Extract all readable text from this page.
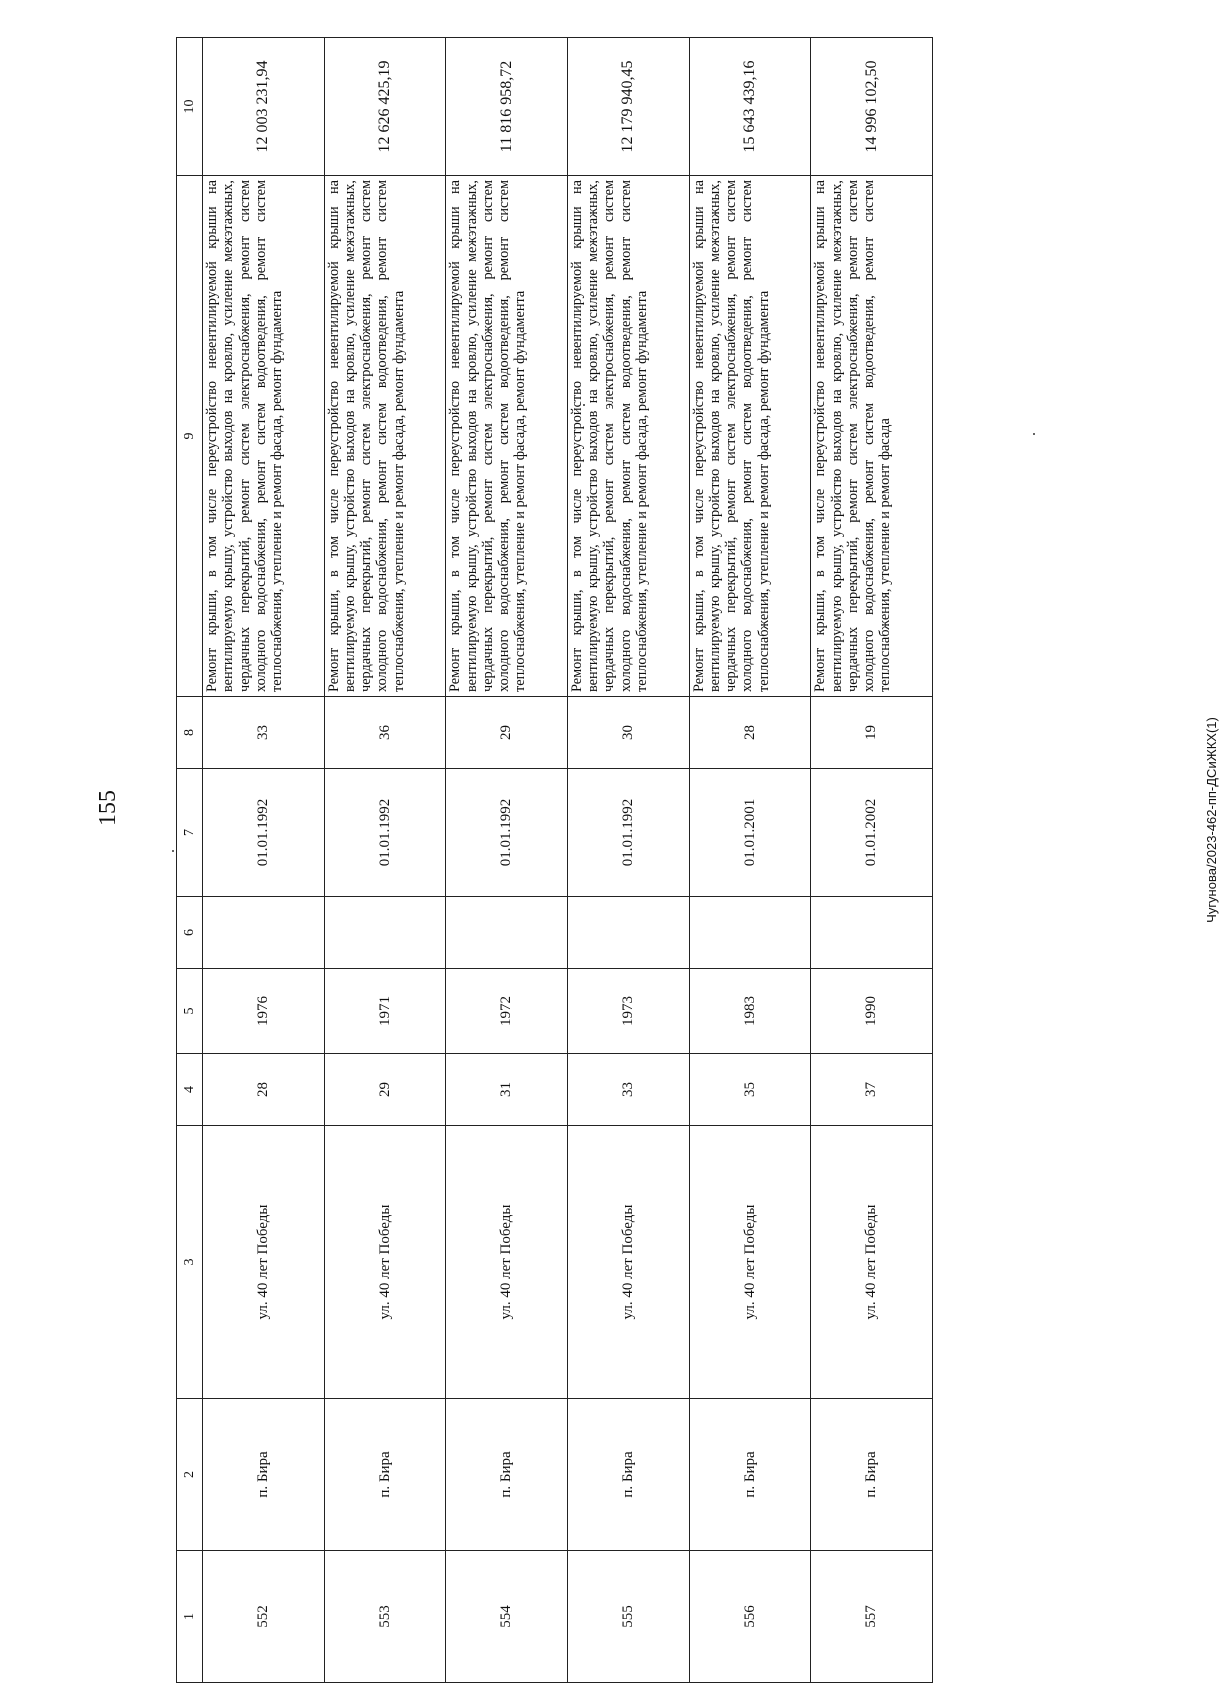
155	Чугунова/2023-462-пп-ДСиЖКХ(1)
1	2	3	4	5	6	7	8	9	10
552	п. Бира	ул. 40 лет Победы	28	1976		01.01.1992	33	Ремонт крыши, в том числе переустройство невентилируемой крыши на вентилируемую крышу, устройство выходов на кровлю, усиление межэтажных, чердачных перекрытий, ремонт систем электроснабжения, ремонт систем холодного водоснабжения, ремонт систем водоотведения, ремонт систем теплоснабжения, утепление и ремонт фасада, ремонт фундамента	12 003 231,94
553	п. Бира	ул. 40 лет Победы	29	1971		01.01.1992	36	Ремонт крыши, в том числе переустройство невентилируемой крыши на вентилируемую крышу, устройство выходов на кровлю, усиление межэтажных, чердачных перекрытий, ремонт систем электроснабжения, ремонт систем холодного водоснабжения, ремонт систем водоотведения, ремонт систем теплоснабжения, утепление и ремонт фасада, ремонт фундамента	12 626 425,19
554	п. Бира	ул. 40 лет Победы	31	1972		01.01.1992	29	Ремонт крыши, в том числе переустройство невентилируемой крыши на вентилируемую крышу, устройство выходов на кровлю, усиление межэтажных, чердачных перекрытий, ремонт систем электроснабжения, ремонт систем холодного водоснабжения, ремонт систем водоотведения, ремонт систем теплоснабжения, утепление и ремонт фасада, ремонт фундамента	11 816 958,72
555	п. Бира	ул. 40 лет Победы	33	1973		01.01.1992	30	Ремонт крыши, в том числе переустройство невентилируемой крыши на вентилируемую крышу, устройство выходов на кровлю, усиление межэтажных, чердачных перекрытий, ремонт систем электроснабжения, ремонт систем холодного водоснабжения, ремонт систем водоотведения, ремонт систем теплоснабжения, утепление и ремонт фасада, ремонт фундамента	12 179 940,45
556	п. Бира	ул. 40 лет Победы	35	1983		01.01.2001	28	Ремонт крыши, в том числе переустройство невентилируемой крыши на вентилируемую крышу, устройство выходов на кровлю, усиление межэтажных, чердачных перекрытий, ремонт систем электроснабжения, ремонт систем холодного водоснабжения, ремонт систем водоотведения, ремонт систем теплоснабжения, утепление и ремонт фасада, ремонт фундамента	15 643 439,16
557	п. Бира	ул. 40 лет Победы	37	1990		01.01.2002	19	Ремонт крыши, в том числе переустройство невентилируемой крыши на вентилируемую крышу, устройство выходов на кровлю, усиление межэтажных, чердачных перекрытий, ремонт систем электроснабжения, ремонт систем холодного водоснабжения, ремонт систем водоотведения, ремонт систем теплоснабжения, утепление и ремонт фасада	14 996 102,50
